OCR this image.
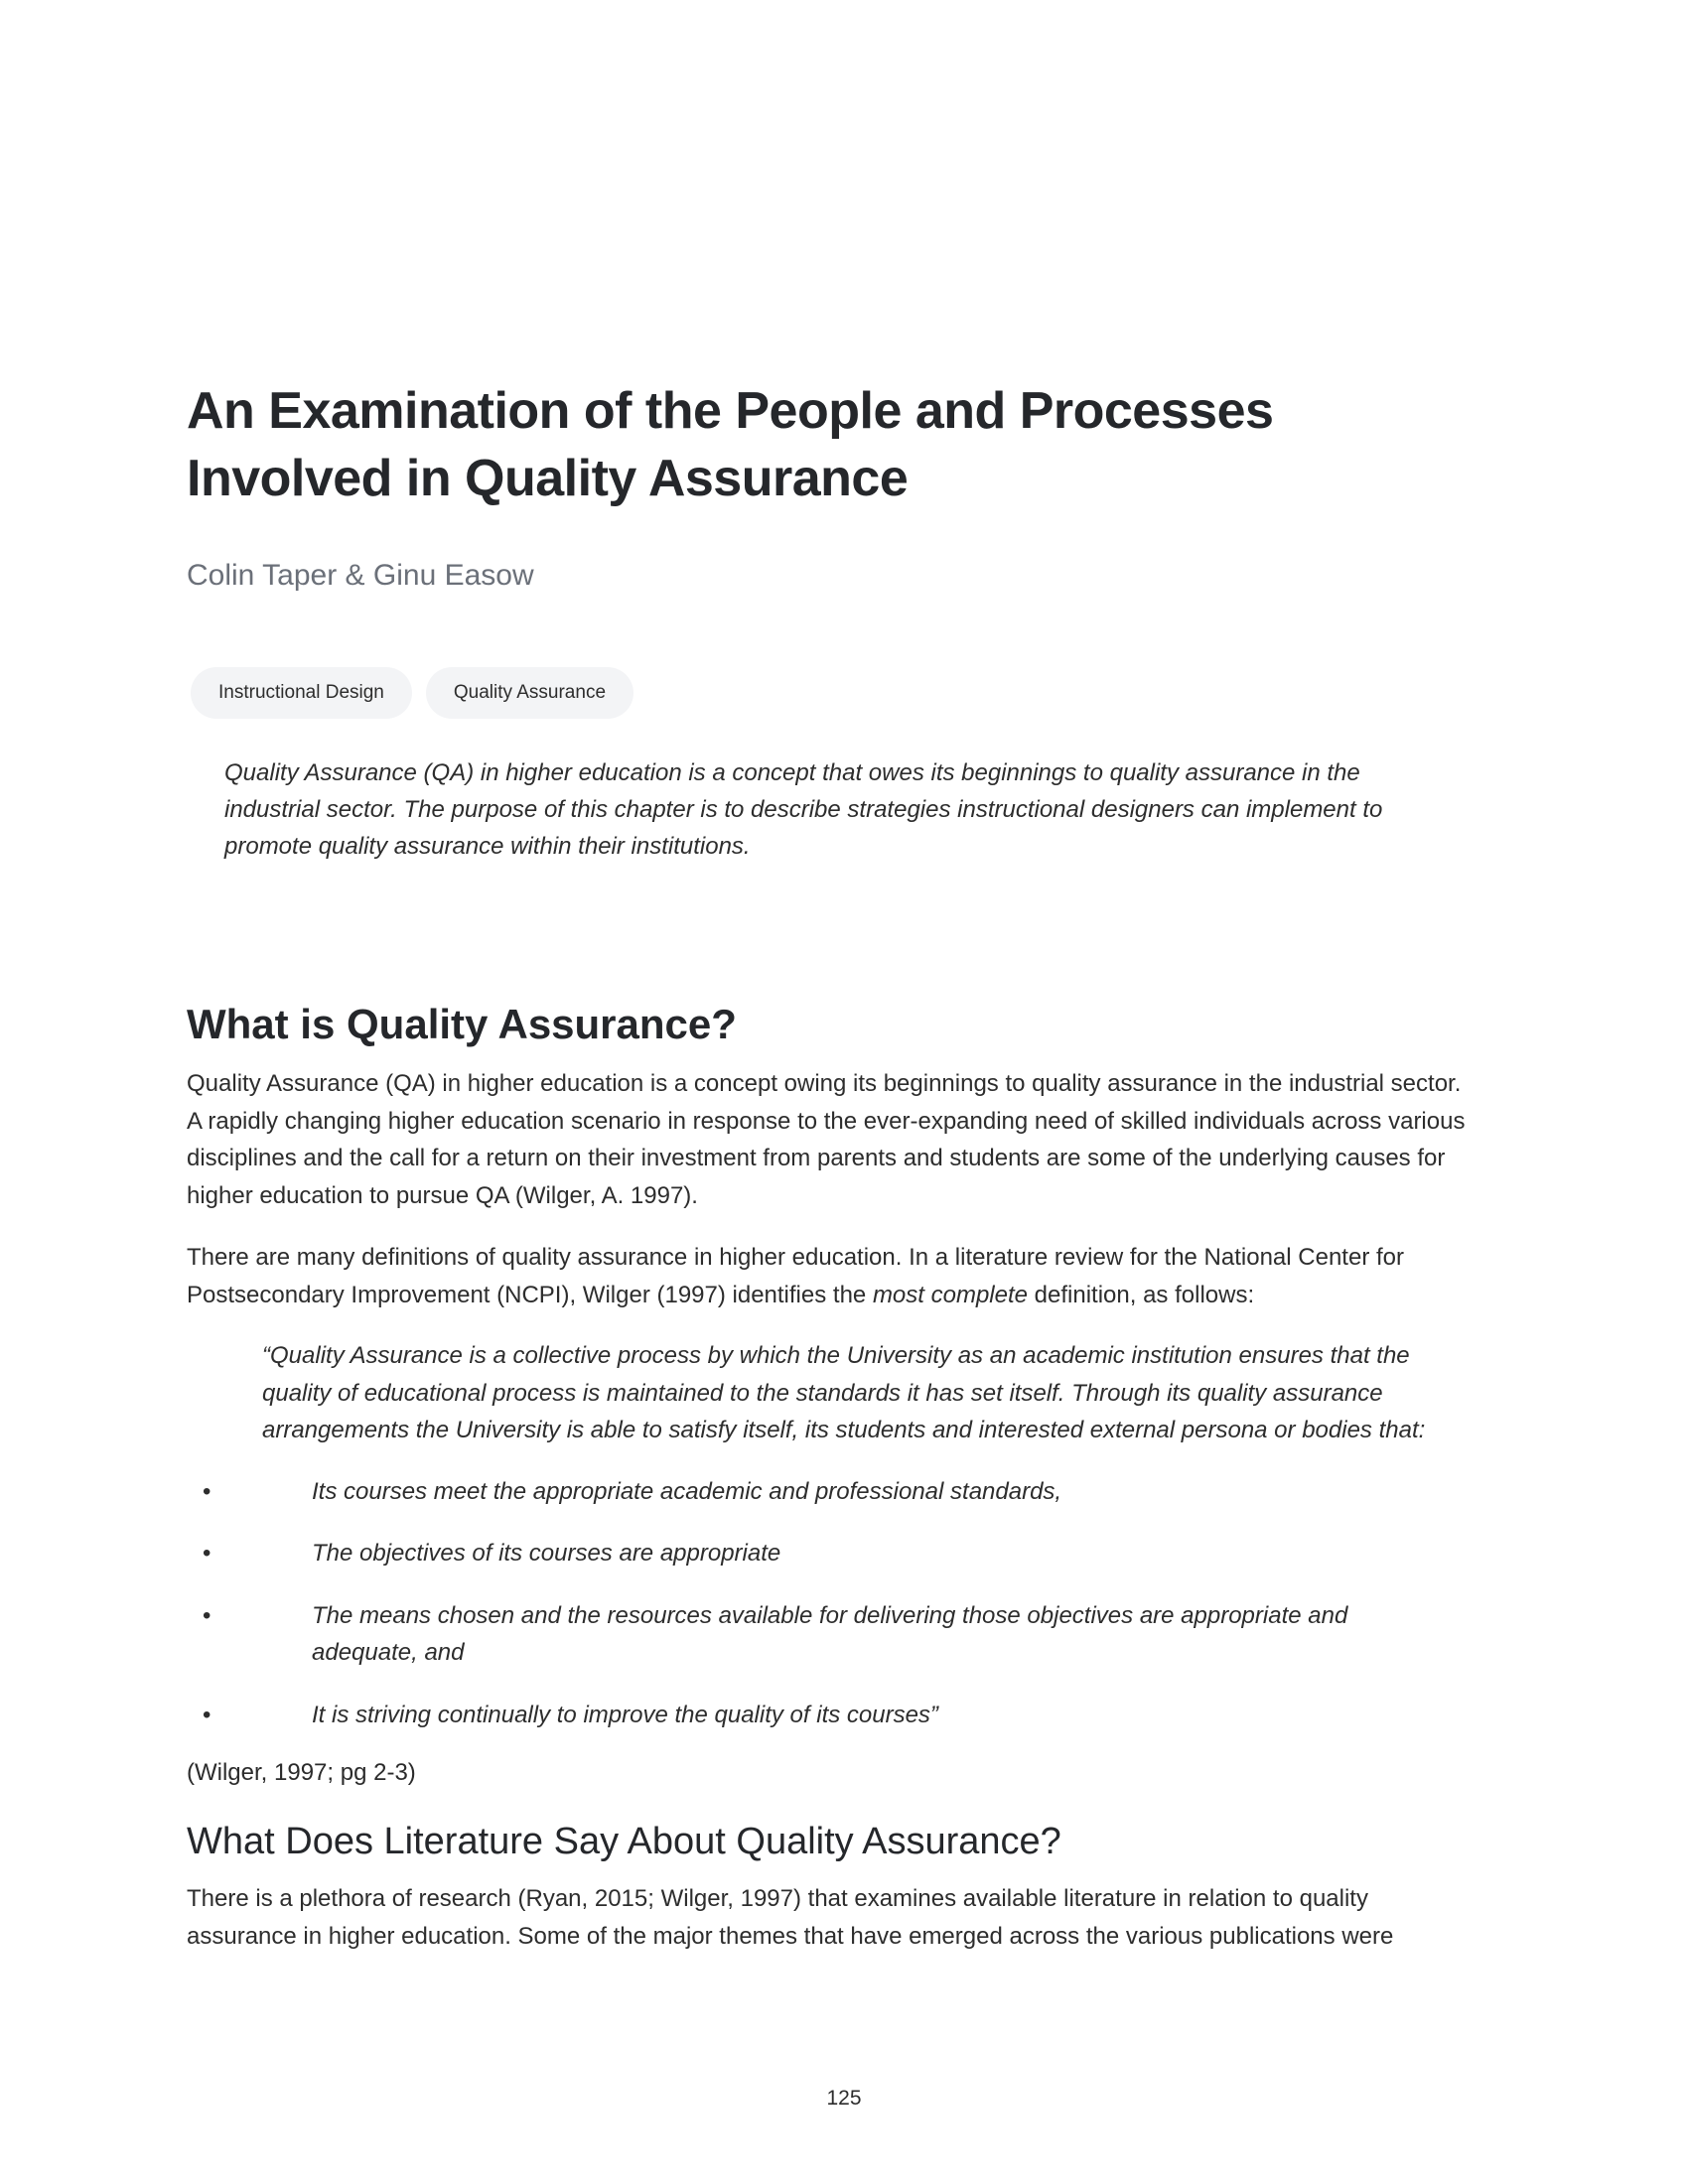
An Examination of the People and Processes
Involved in Quality Assurance
Colin Taper & Ginu Easow
Instructional Design	Quality Assurance
Quality Assurance (QA) in higher education is a concept that owes its beginnings to quality assurance in the industrial sector. The purpose of this chapter is to describe strategies instructional designers can implement to promote quality assurance within their institutions.
What is Quality Assurance?
Quality Assurance (QA) in higher education is a concept owing its beginnings to quality assurance in the industrial sector. A rapidly changing higher education scenario in response to the ever-expanding need of skilled individuals across various disciplines and the call for a return on their investment from parents and students are some of the underlying causes for higher education to pursue QA (Wilger, A. 1997).
There are many definitions of quality assurance in higher education. In a literature review for the National Center for Postsecondary Improvement (NCPI), Wilger (1997) identifies the most complete definition, as follows:
“Quality Assurance is a collective process by which the University as an academic institution ensures that the quality of educational process is maintained to the standards it has set itself. Through its quality assurance arrangements the University is able to satisfy itself, its students and interested external persona or bodies that:
•	Its courses meet the appropriate academic and professional standards,
•	The objectives of its courses are appropriate
•	The means chosen and the resources available for delivering those objectives are appropriate and adequate, and
•	It is striving continually to improve the quality of its courses”
(Wilger, 1997; pg 2-3)
What Does Literature Say About Quality Assurance?
There is a plethora of research (Ryan, 2015; Wilger, 1997) that examines available literature in relation to quality assurance in higher education. Some of the major themes that have emerged across the various publications were
125
